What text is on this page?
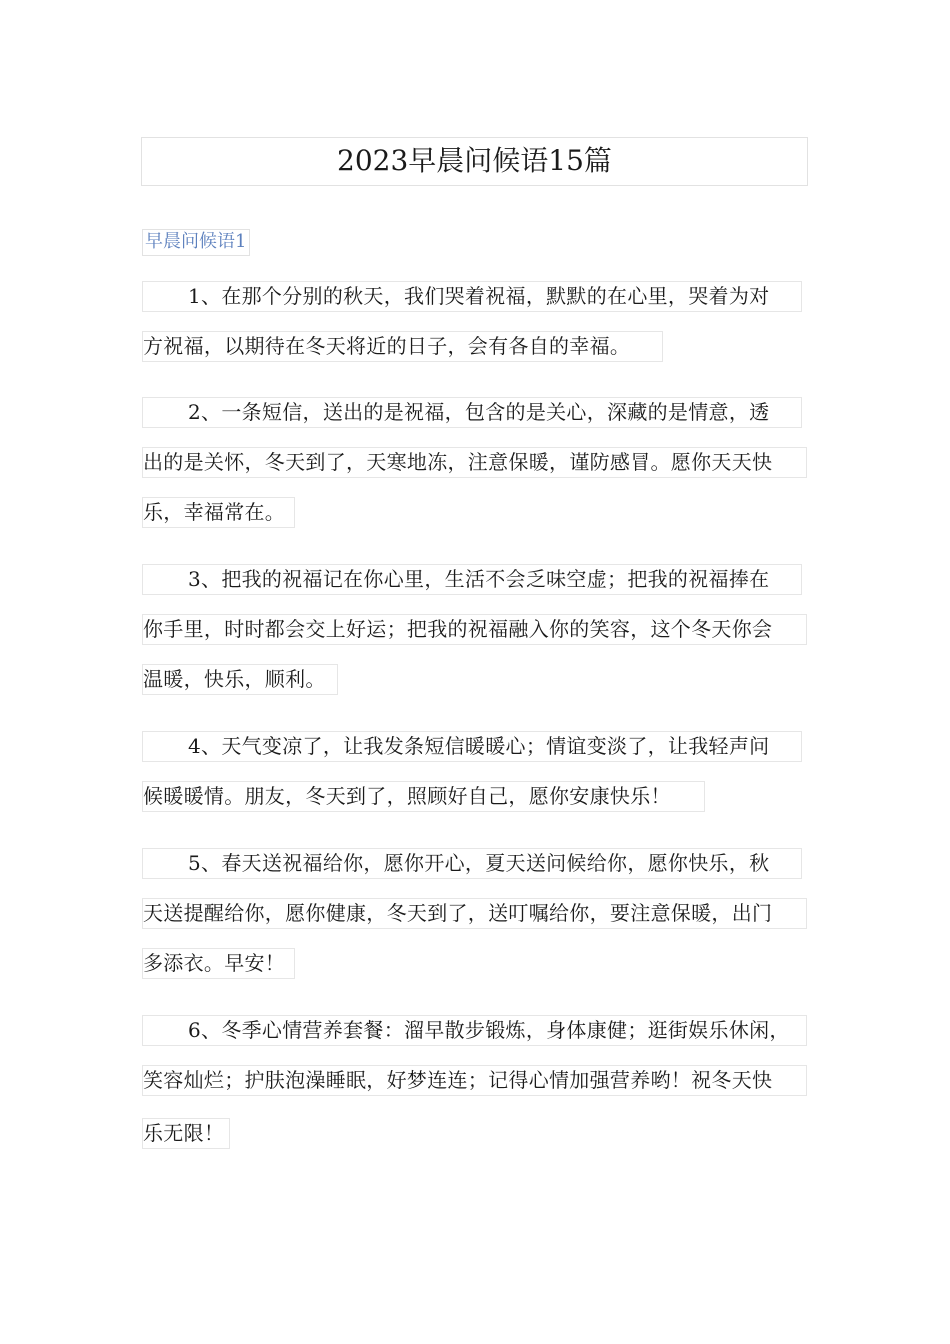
2023早晨问候语15篇
早晨问候语1
1、在那个分别的秋天，我们哭着祝福，默默的在心里，哭着为对
方祝福，以期待在冬天将近的日子，会有各自的幸福。
2、一条短信，送出的是祝福，包含的是关心，深藏的是情意，透
出的是关怀，冬天到了，天寒地冻，注意保暖，谨防感冒。愿你天天快
乐，幸福常在。
3、把我的祝福记在你心里，生活不会乏味空虚；把我的祝福捧在
你手里，时时都会交上好运；把我的祝福融入你的笑容，这个冬天你会
温暖，快乐，顺利。
4、天气变凉了，让我发条短信暖暖心；情谊变淡了，让我轻声问
候暖暖情。朋友，冬天到了，照顾好自己，愿你安康快乐！
5、春天送祝福给你，愿你开心，夏天送问候给你，愿你快乐，秋
天送提醒给你，愿你健康，冬天到了，送叮嘱给你，要注意保暖，出门
多添衣。早安！
6、冬季心情营养套餐：溜早散步锻炼，身体康健；逛街娱乐休闲，
笑容灿烂；护肤泡澡睡眠，好梦连连；记得心情加强营养哟！祝冬天快
乐无限！
